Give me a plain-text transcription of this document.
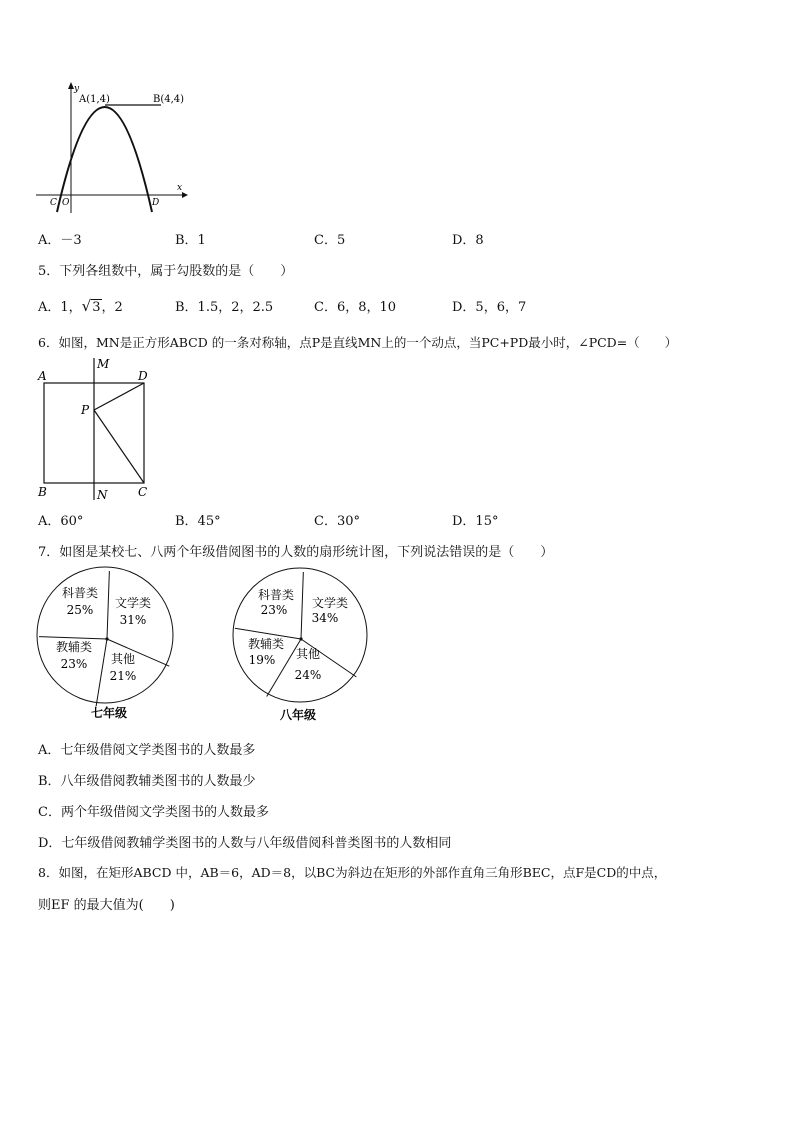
y
x
A(1,4)	B(4,4)
C O	D
A．－3	B．1	C．5	D．8
5．下列各组数中，属于勾股数的是（　　）
A．1，√3，2	B．1.5，2，2.5	C．6，8，10	D．5，6，7
6．如图，MN是正方形ABCD 的一条对称轴，点P是直线MN上的一个动点，当PC+PD最小时，∠PCD=（　　）
A	D
M
P
B	N	C
A．60°	B．45°	C．30°	D．15°
7．如图是某校七、八两个年级借阅图书的人数的扇形统计图，下列说法错误的是（　　）
科普类
25% 文学类
31%
其他
21%
教辅类
23%
七年级
科普类
23% 文学类
34%
其他
24%
教辅类
19%
八年级
A．七年级借阅文学类图书的人数最多
B．八年级借阅教辅类图书的人数最少
C．两个年级借阅文学类图书的人数最多
D．七年级借阅教辅学类图书的人数与八年级借阅科普类图书的人数相同
8．如图，在矩形ABCD 中，AB＝6，AD＝8，以BC为斜边在矩形的外部作直角三角形BEC，点F是CD的中点，
则EF 的最大值为(　　)
